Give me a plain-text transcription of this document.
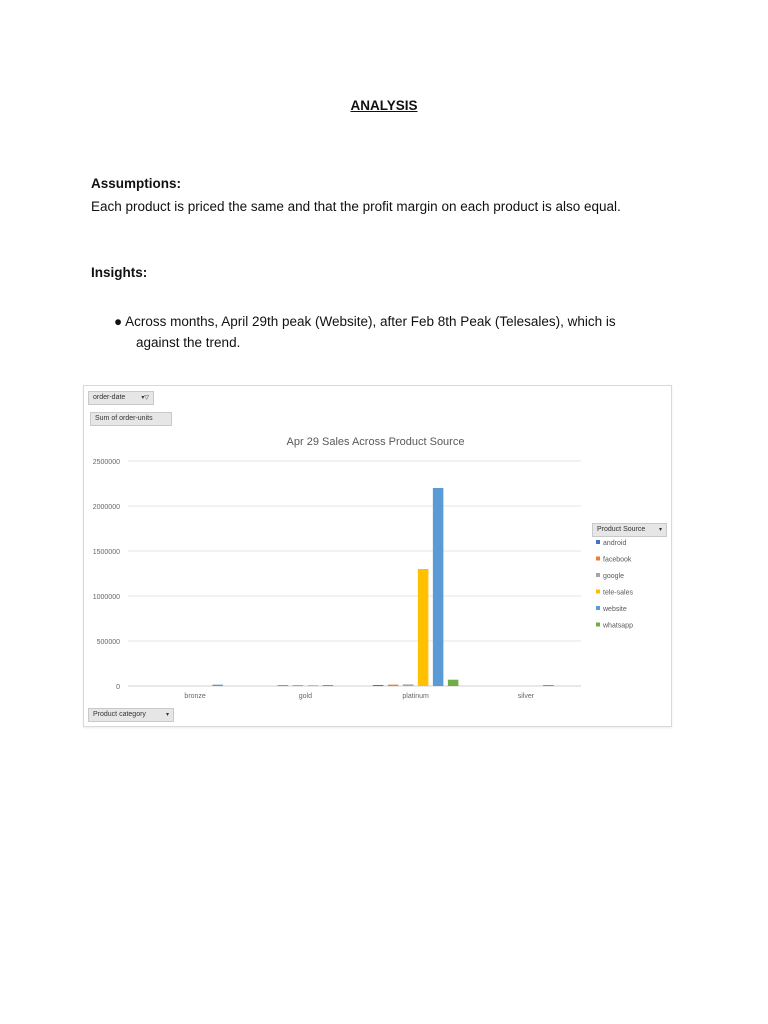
ANALYSIS
Assumptions:
Each product is priced the same and that the profit margin on each product is also equal.
Insights:
● Across months, April 29th peak (Website), after Feb 8th Peak (Telesales), which is
against the trend.
order-date	▾▽
Sum of order-units
Product category	▾
Product Source ▾
Apr 29 Sales Across Product Source
0
500000
1000000
1500000
2000000
2500000
bronze	gold	platinum	silver
android
facebook
google
tele-sales
website
whatsapp
